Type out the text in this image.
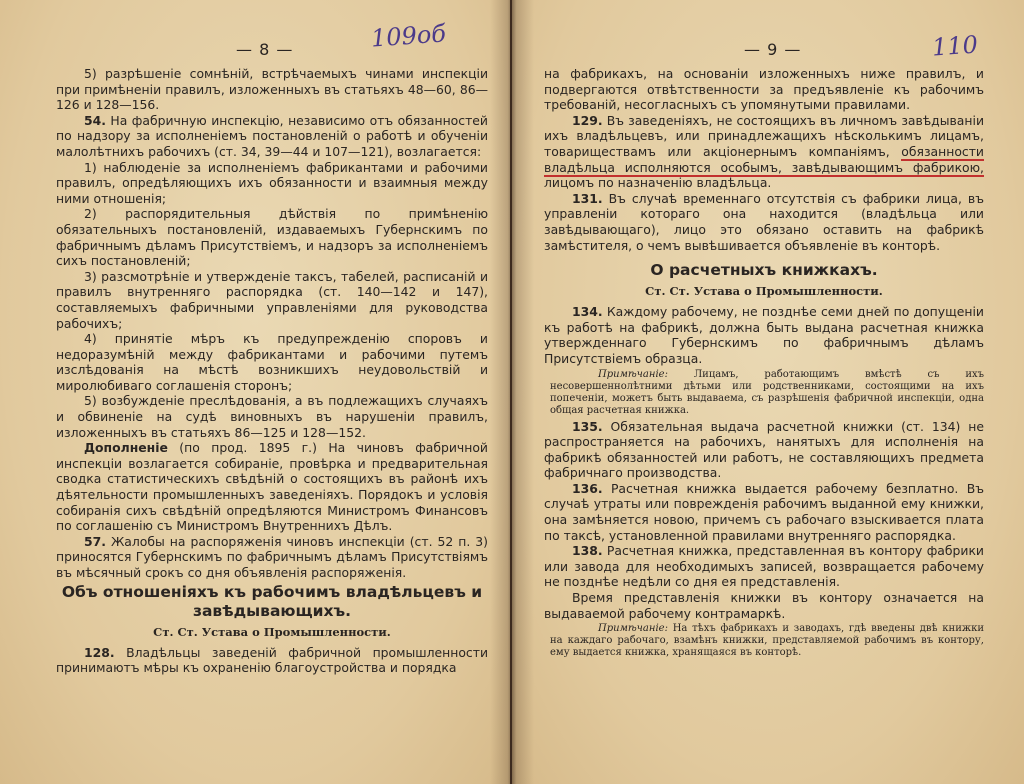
— 8 —	109об

5) разрѣшеніе сомнѣній, встрѣчаемыхъ чинами инспекціи при примѣненіи правилъ, изложенныхъ въ статьяхъ 48—60, 86—126 и 128—156.

54. На фабричную инспекцію, независимо отъ обязанностей по надзору за исполненіемъ постановленій о работѣ и обученіи малолѣтнихъ рабочихъ (ст. 34, 39—44 и 107—121), возлагается:

1) наблюденіе за исполненіемъ фабрикантами и рабочими правилъ, опредѣляющихъ ихъ обязанности и взаимныя между ними отношенія;

2) распорядительныя дѣйствія по примѣненію обязательныхъ постановленій, издаваемыхъ Губернскимъ по фабричнымъ дѣламъ Присутствіемъ, и надзоръ за исполненіемъ сихъ постановленій;

3) разсмотрѣніе и утвержденіе таксъ, табелей, расписаній и правилъ внутренняго распорядка (ст. 140—142 и 147), составляемыхъ фабричными управленіями для руководства рабочихъ;

4) принятіе мѣръ къ предупрежденію споровъ и недоразумѣній между фабрикантами и рабочими путемъ изслѣдованія на мѣстѣ возникшихъ неудовольствій и миролюбиваго соглашенія сторонъ;

5) возбужденіе преслѣдованія, а въ подлежащихъ случаяхъ и обвиненіе на судѣ виновныхъ въ нарушеніи правилъ, изложенныхъ въ статьяхъ 86—125 и 128—152.

Дополненіе (по прод. 1895 г.) На чиновъ фабричной инспекціи возлагается собираніе, провѣрка и предварительная сводка статистическихъ свѣдѣній о состоящихъ въ районѣ ихъ дѣятельности промышленныхъ заведеніяхъ. Порядокъ и условія собиранія сихъ свѣдѣній опредѣляются Министромъ Финансовъ по соглашенію съ Министромъ Внутреннихъ Дѣлъ.

57. Жалобы на распоряженія чиновъ инспекціи (ст. 52 п. 3) приносятся Губернскимъ по фабричнымъ дѣламъ Присутствіямъ въ мѣсячный срокъ со дня объявленія распоряженія.

Объ отношеніяхъ къ рабочимъ владѣльцевъ и завѣдывающихъ.
Ст. Ст. Устава о Промышленности.

128. Владѣльцы заведеній фабричной промышленности принимаютъ мѣры къ охраненію благоустройства и порядка

— 9 —	110

на фабрикахъ, на основаніи изложенныхъ ниже правилъ, и подвергаются отвѣтственности за предъявленіе къ рабочимъ требованій, несогласныхъ съ упомянутыми правилами.

129. Въ заведеніяхъ, не состоящихъ въ личномъ завѣдываніи ихъ владѣльцевъ, или принадлежащихъ нѣсколькимъ лицамъ, товариществамъ или акціонернымъ компаніямъ, обязанности владѣльца исполняются особымъ, завѣдывающимъ фабрикою, лицомъ по назначенію владѣльца.

131. Въ случаѣ временнаго отсутствія съ фабрики лица, въ управленіи котораго она находится (владѣльца или завѣдывающаго), лицо это обязано оставить на фабрикѣ замѣстителя, о чемъ вывѣшивается объявленіе въ конторѣ.

О расчетныхъ книжкахъ.
Ст. Ст. Устава о Промышленности.

134. Каждому рабочему, не позднѣе семи дней по допущеніи къ работѣ на фабрикѣ, должна быть выдана расчетная книжка утвержденнаго Губернскимъ по фабричнымъ дѣламъ Присутствіемъ образца.

Примѣчаніе:	Лицамъ, работающимъ вмѣстѣ съ ихъ несовершеннолѣтними дѣтьми или родственниками, состоящими на ихъ попеченіи, можетъ быть выдаваема, съ разрѣшенія фабричной инспекціи, одна общая расчетная книжка.

135. Обязательная выдача расчетной книжки (ст. 134) не распространяется на рабочихъ, нанятыхъ для исполненія на фабрикѣ обязанностей или работъ, не составляющихъ предмета фабричнаго производства.

136. Расчетная книжка выдается рабочему безплатно. Въ случаѣ утраты или поврежденія рабочимъ выданной ему книжки, она замѣняется новою, причемъ съ рабочаго взыскивается плата по таксѣ, установленной правилами внутренняго распорядка.

138. Расчетная книжка, представленная въ контору фабрики или завода для необходимыхъ записей, возвращается рабочему не позднѣе недѣли со дня ея представленія.

Время представленія книжки въ контору означается на выдаваемой рабочему контрамаркѣ.

Примѣчаніе: На тѣхъ фабрикахъ и заводахъ, гдѣ введены двѣ книжки на каждаго рабочаго, взамѣнъ книжки, представляемой рабочимъ въ контору, ему выдается книжка, хранящаяся въ конторѣ.
